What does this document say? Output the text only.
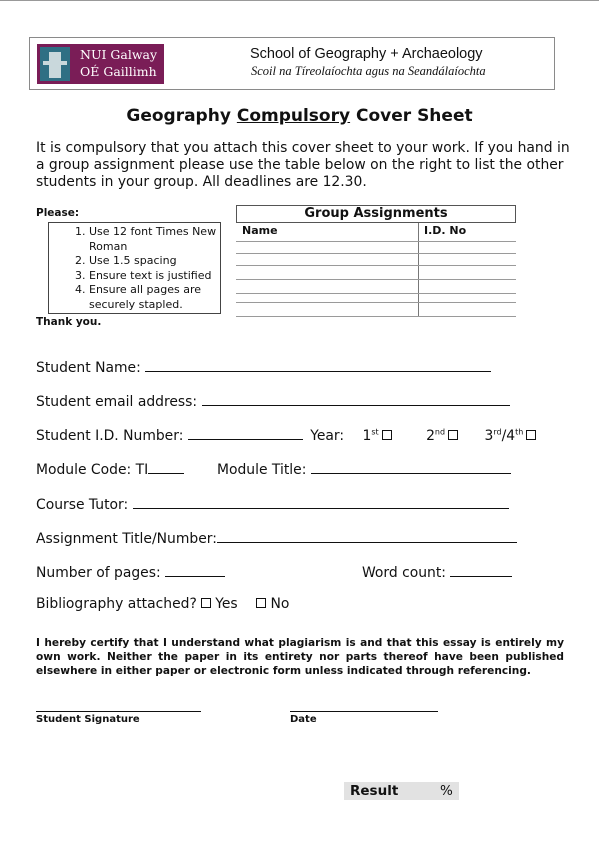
NUI Galway
OÉ Gaillimh
School of Geography + Archaeology
Scoil na Tíreolaíochta agus na Seandálaíochta
Geography Compulsory Cover Sheet
It is compulsory that you attach this cover sheet to your work. If you hand in a group assignment please use the table below on the right to list the other students in your group. All deadlines are 12.30.
Please:
1. Use 12 font Times New Roman
2. Use 1.5 spacing
3. Ensure text is justified
4. Ensure all pages are securely stapled.
Thank you.
Group Assignments
Name	I.D. No
Student Name:
Student email address:
Student I.D. Number:	Year: 1st	2nd	3rd/4th
Module Code: TI	Module Title:
Course Tutor:
Assignment Title/Number:
Number of pages:	Word count:
Bibliography attached? Yes No
I hereby certify that I understand what plagiarism is and that this essay is entirely my own work. Neither the paper in its entirety nor parts thereof have been published elsewhere in either paper or electronic form unless indicated through referencing.
Student Signature	Date
Result	%
